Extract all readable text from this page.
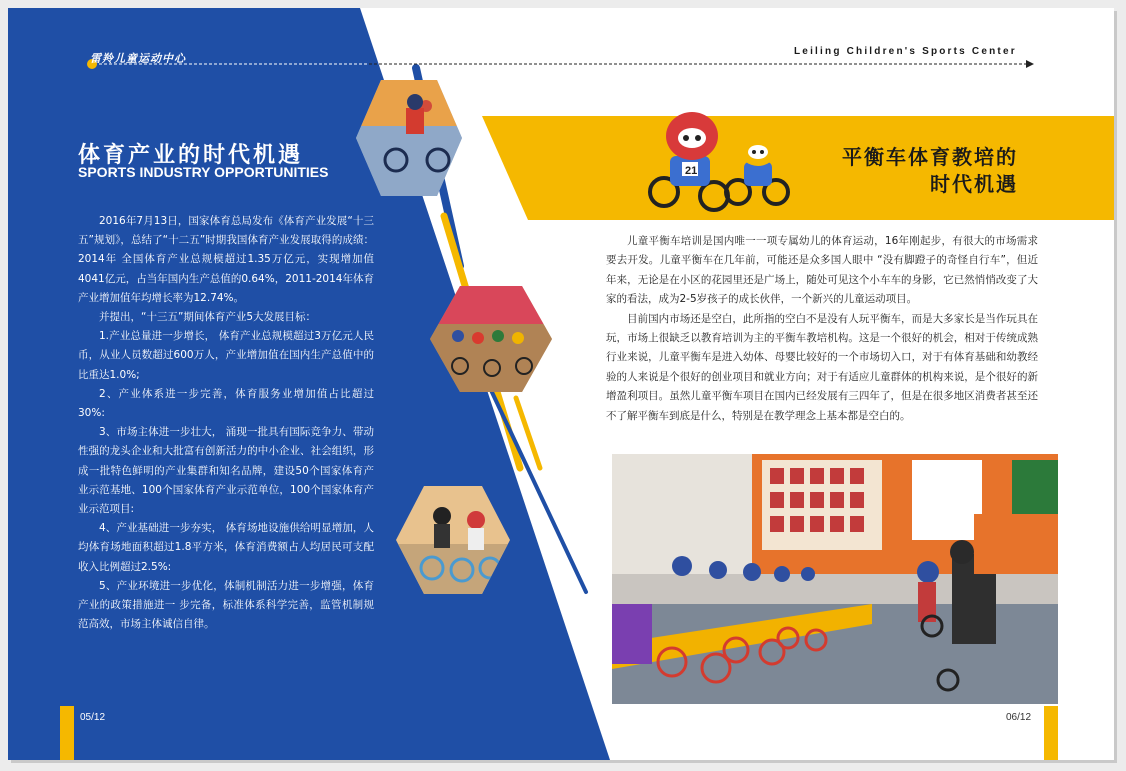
雷羚儿童运动中心
Leiling Children's Sports Center
21
体育产业的时代机遇
SPORTS INDUSTRY OPPORTUNITIES

2016年7月13日，国家体育总局发布《体育产业发展“十三五”规划》，总结了“十二五”时期我国体育产业发展取得的成绩：2014年 全国体育产业总规模超过1.35万亿元，实现增加值4041亿元，占当年国内生产总值的0.64%，2011-2014年体育产业增加值年均增长率为12.74%。

并提出，“十三五”期间体育产业5大发展目标：

1.产业总量进一步增长， 体育产业总规模超过3万亿元人民币，从业人员数超过600万人，产业增加值在国内生产总值中的比重达1.0%;

2、产业体系进一步完善，体育服务业增加值占比超过30%:

3、市场主体进一步壮大， 涌现一批具有国际竞争力、带动性强的龙头企业和大批富有创新活力的中小企业、社会组织，形成一批特色鲜明的产业集群和知名品牌，建设50个国家体育产业示范基地、100个国家体育产业示范单位，100个国家体育产业示范项目:

4、产业基础进一步夯实， 体育场地设施供给明显增加，人均体育场地面积超过1.8平方米，体育消费额占人均居民可支配收入比例超过2.5%:

5、产业环境进一步优化，体制机制活力进一步增强，体育产业的政策措施进一 步完备，标准体系科学完善，监管机制规范高效，市场主体诚信自律。

平衡车体育教培的
时代机遇

儿童平衡车培训是国内唯一一项专属幼儿的体育运动，16年刚起步，有很大的市场需求要去开发。儿童平衡车在几年前，可能还是众多国人眼中 “没有脚蹬子的奇怪自行车”，但近年来，无论是在小区的花园里还是广场上，随处可见这个小车车的身影，它已然悄悄改变了大家的看法，成为2-5岁孩子的成长伙伴，一个新兴的儿童运动项目。

目前国内市场还是空白，此所指的空白不是没有人玩平衡车，而是大多家长是当作玩具在玩，市场上很缺乏以教育培训为主的平衡车教培机构。这是一个很好的机会，相对于传统成熟行业来说，儿童平衡车是进入幼体、母婴比较好的一个市场切入口，对于有体育基础和幼教经验的人来说是个很好的创业项目和就业方向；对于有适应儿童群体的机构来说，是个很好的新增盈利项目。虽然儿童平衡车项目在国内已经发展有三四年了，但是在很多地区消费者甚至还不了解平衡车到底是什么，特别是在教学理念上基本都是空白的。

05/12	06/12
